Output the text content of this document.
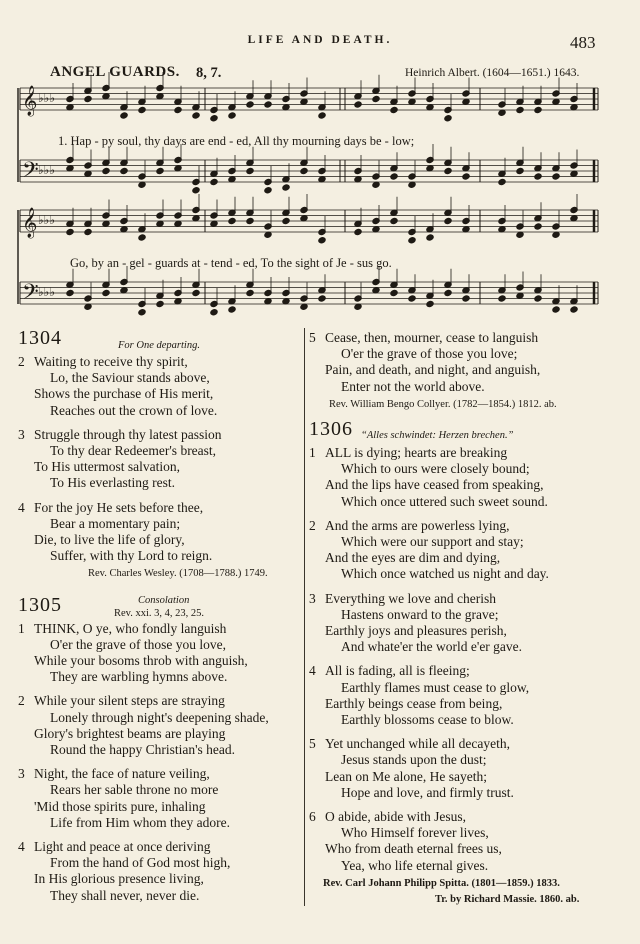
LIFE AND DEATH.	483
ANGEL GUARDS. 8, 7.	Heinrich Albert. (1604—1651.) 1643.
𝄞 ♭♭♭
𝄢 ♭♭♭
𝄞 ♭♭♭
𝄢 ♭♭♭
1. Hap - py soul, thy days are end - ed, All thy mourning days be - low;
Go, by an - gel - guards at - tend - ed, To the sight of Je - sus go.
1304	For One departing.
2 Waiting to receive thy spirit,
Lo, the Saviour stands above,
Shows the purchase of His merit,
Reaches out the crown of love.
3 Struggle through thy latest passion
To thy dear Redeemer's breast,
To His uttermost salvation,
To His everlasting rest.
4 For the joy He sets before thee,
Bear a momentary pain;
Die, to live the life of glory,
Suffer, with thy Lord to reign.
Rev. Charles Wesley. (1708—1788.) 1749.
1305	Consolation
Rev. xxi. 3, 4, 23, 25.
1 THINK, O ye, who fondly languish
O'er the grave of those you love,
While your bosoms throb with anguish,
They are warbling hymns above.
2 While your silent steps are straying
Lonely through night's deepening shade,
Glory's brightest beams are playing
Round the happy Christian's head.
3 Night, the face of nature veiling,
Rears her sable throne no more
'Mid those spirits pure, inhaling
Life from Him whom they adore.
4 Light and peace at once deriving
From the hand of God most high,
In His glorious presence living,
They shall never, never die.
5 Cease, then, mourner, cease to languish
O'er the grave of those you love;
Pain, and death, and night, and anguish,
Enter not the world above.
Rev. William Bengo Collyer. (1782—1854.) 1812. ab.
1306 “Alles schwindet: Herzen brechen.”
1 ALL is dying; hearts are breaking
Which to ours were closely bound;
And the lips have ceased from speaking,
Which once uttered such sweet sound.
2 And the arms are powerless lying,
Which were our support and stay;
And the eyes are dim and dying,
Which once watched us night and day.
3 Everything we love and cherish
Hastens onward to the grave;
Earthly joys and pleasures perish,
And whate'er the world e'er gave.
4 All is fading, all is fleeing;
Earthly flames must cease to glow,
Earthly beings cease from being,
Earthly blossoms cease to blow.
5 Yet unchanged while all decayeth,
Jesus stands upon the dust;
Lean on Me alone, He sayeth;
Hope and love, and firmly trust.
6 O abide, abide with Jesus,
Who Himself forever lives,
Who from death eternal frees us,
Yea, who life eternal gives.
Rev. Carl Johann Philipp Spitta. (1801—1859.) 1833.
Tr. by Richard Massie. 1860. ab.
